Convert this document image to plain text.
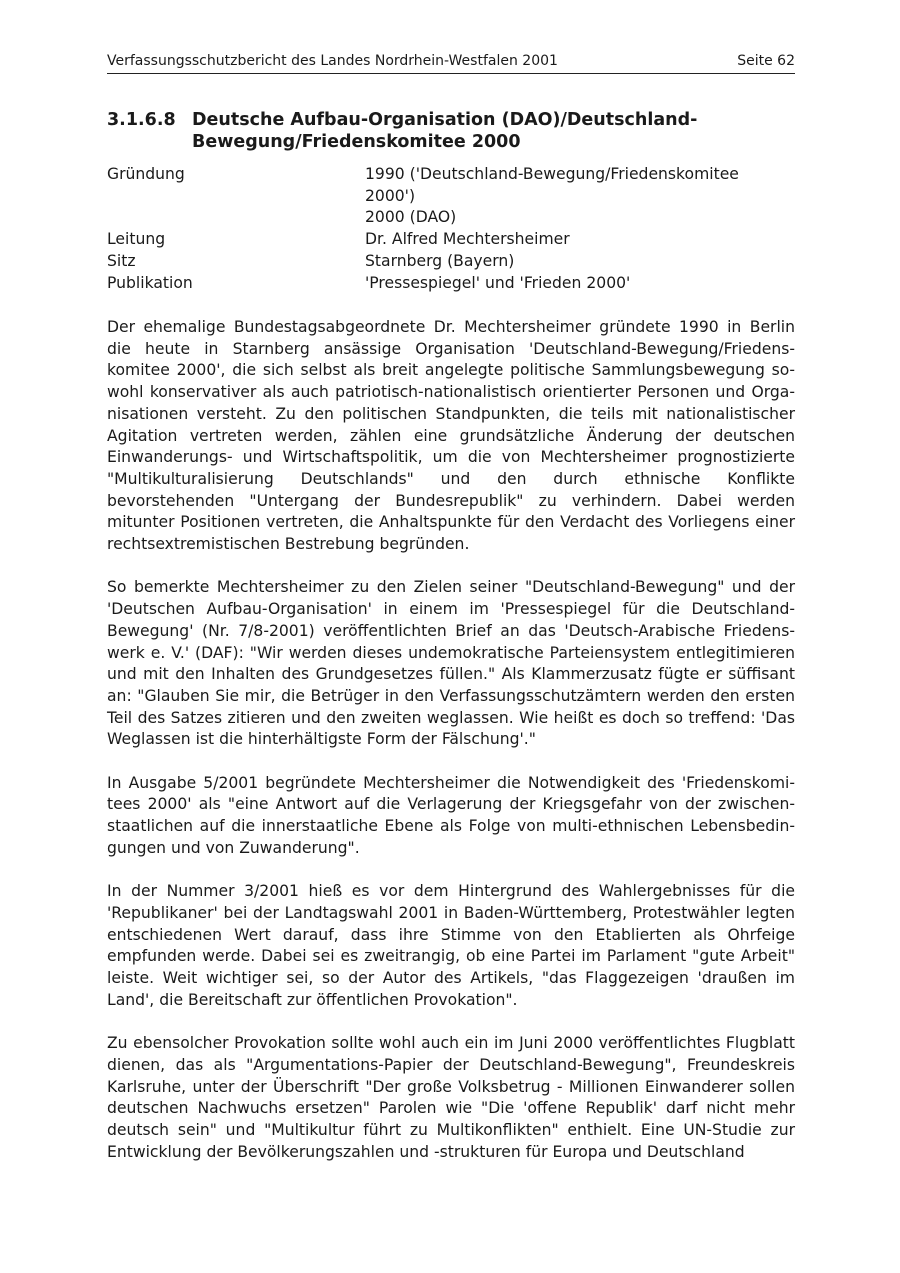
Verfassungsschutzbericht des Landes Nordrhein-Westfalen 2001	Seite 62
3.1.6.8 Deutsche Aufbau-Organisation (DAO)/Deutschland-Bewegung/Friedenskomitee 2000
Gründung	1990 ('Deutschland-Bewegung/Friedenskomitee 2000')
2000 (DAO)
Leitung	Dr. Alfred Mechtersheimer
Sitz	Starnberg (Bayern)
Publikation	'Pressespiegel' und 'Frieden 2000'

Der ehemalige Bundestagsabgeordnete Dr. Mechtersheimer gründete 1990 in Berlin die heute in Starnberg ansässige Organisation 'Deutschland-Bewegung/Friedenskomitee 2000', die sich selbst als breit angelegte politische Sammlungsbewegung sowohl konservativer als auch patriotisch-nationalistisch orientierter Personen und Organisationen versteht. Zu den politischen Standpunkten, die teils mit nationalistischer Agitation vertreten werden, zählen eine grundsätzliche Änderung der deutschen Einwanderungs- und Wirtschaftspolitik, um die von Mechtersheimer prognostizierte "Multikulturalisierung Deutschlands" und den durch ethnische Konflikte bevorstehenden "Untergang der Bundesrepublik" zu verhindern. Dabei werden mitunter Positionen vertreten, die Anhaltspunkte für den Verdacht des Vorliegens einer rechtsextremistischen Bestrebung begründen.

So bemerkte Mechtersheimer zu den Zielen seiner "Deutschland-Bewegung" und der 'Deutschen Aufbau-Organisation' in einem im 'Pressespiegel für die Deutschland-Bewegung' (Nr. 7/8-2001) veröffentlichten Brief an das 'Deutsch-Arabische Friedenswerk e. V.' (DAF): "Wir werden dieses undemokratische Parteiensystem entlegitimieren und mit den Inhalten des Grundgesetzes füllen." Als Klammerzusatz fügte er süffisant an: "Glauben Sie mir, die Betrüger in den Verfassungsschutzämtern werden den ersten Teil des Satzes zitieren und den zweiten weglassen. Wie heißt es doch so treffend: 'Das Weglassen ist die hinterhältigste Form der Fälschung'."

In Ausgabe 5/2001 begründete Mechtersheimer die Notwendigkeit des 'Friedenskomitees 2000' als "eine Antwort auf die Verlagerung der Kriegsgefahr von der zwischenstaatlichen auf die innerstaatliche Ebene als Folge von multi-ethnischen Lebensbedingungen und von Zuwanderung".

In der Nummer 3/2001 hieß es vor dem Hintergrund des Wahlergebnisses für die 'Republikaner' bei der Landtagswahl 2001 in Baden-Württemberg, Protestwähler legten entschiedenen Wert darauf, dass ihre Stimme von den Etablierten als Ohrfeige empfunden werde. Dabei sei es zweitrangig, ob eine Partei im Parlament "gute Arbeit" leiste. Weit wichtiger sei, so der Autor des Artikels, "das Flaggezeigen 'draußen im Land', die Bereitschaft zur öffentlichen Provokation".

Zu ebensolcher Provokation sollte wohl auch ein im Juni 2000 veröffentlichtes Flugblatt dienen, das als "Argumentations-Papier der Deutschland-Bewegung", Freundeskreis Karlsruhe, unter der Überschrift "Der große Volksbetrug - Millionen Einwanderer sollen deutschen Nachwuchs ersetzen" Parolen wie "Die 'offene Republik' darf nicht mehr deutsch sein" und "Multikultur führt zu Multikonflikten" enthielt. Eine UN-Studie zur Entwicklung der Bevölkerungszahlen und -strukturen für Europa und Deutschland
